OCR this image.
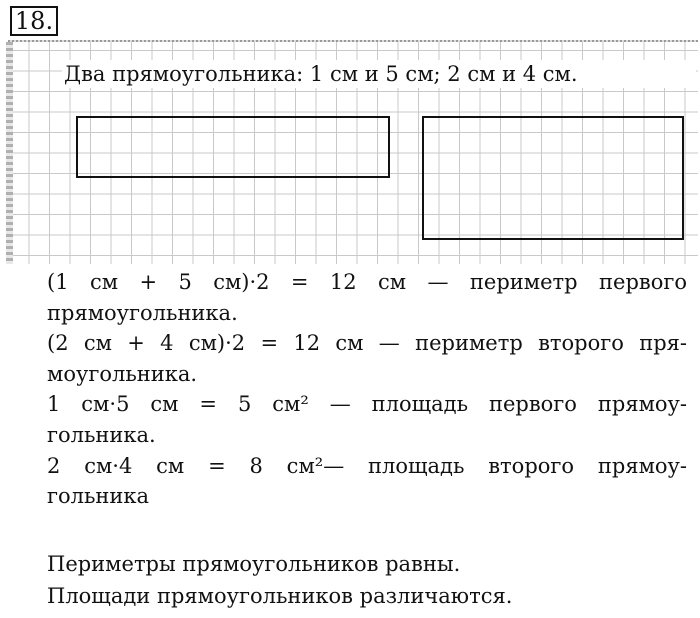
18.
Два прямоугольника: 1 см и 5 см; 2 см и 4 см.

(1 см + 5 см)·2 = 12 см — периметр первого

прямоугольника.

(2 см + 4 см)·2 = 12 см — периметр второго пря-

моугольника.

1 см·5 см = 5 см² — площадь первого прямоу-

гольника.

2 см·4 см = 8 см²— площадь второго прямоу-

гольника

Периметры прямоугольников равны.

Площади прямоугольников различаются.
